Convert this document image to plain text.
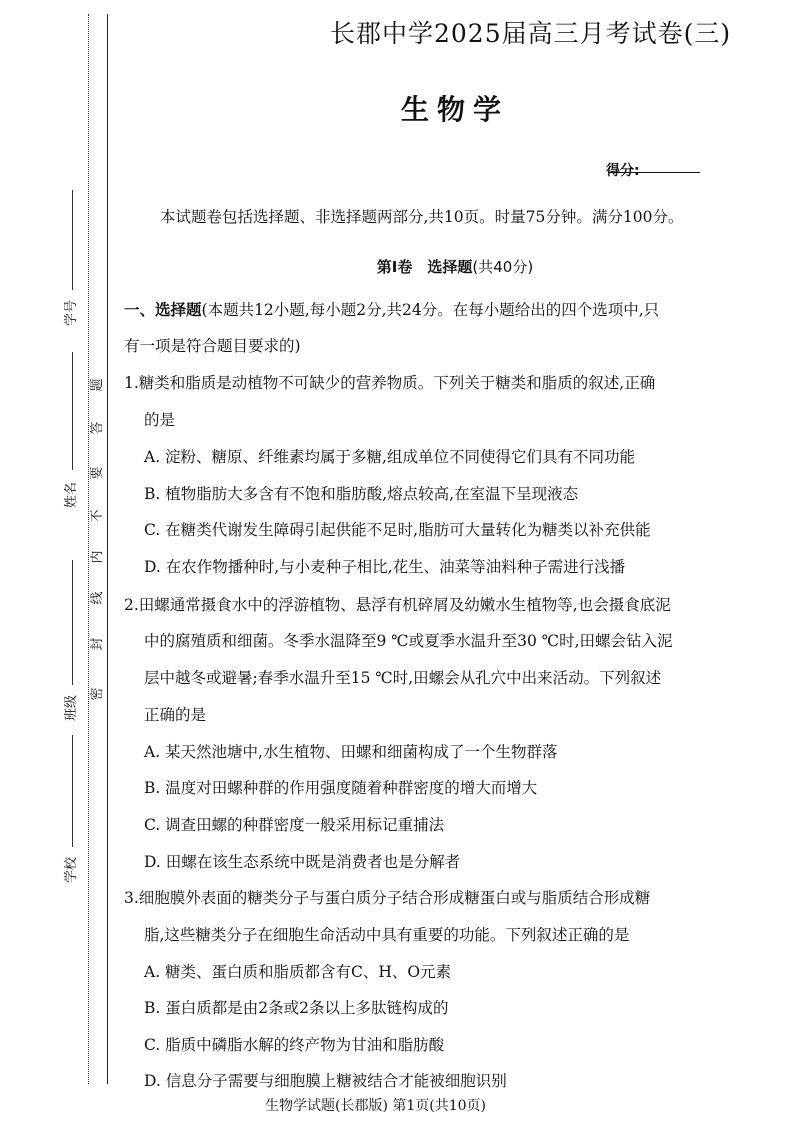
密
封
线
内
不
要
答
题
学号
姓名
班级
学校
长郡中学2025届高三月考试卷(三)
生物学
得分:
本试题卷包括选择题、非选择题两部分,共10页。时量75分钟。满分100分。
第Ⅰ卷　选择题(共40分)
一、选择题(本题共12小题,每小题2分,共24分。在每小题给出的四个选项中,只
有一项是符合题目要求的)
1.糖类和脂质是动植物不可缺少的营养物质。下列关于糖类和脂质的叙述,正确
的是
A. 淀粉、糖原、纤维素均属于多糖,组成单位不同使得它们具有不同功能
B. 植物脂肪大多含有不饱和脂肪酸,熔点较高,在室温下呈现液态
C. 在糖类代谢发生障碍引起供能不足时,脂肪可大量转化为糖类以补充供能
D. 在农作物播种时,与小麦种子相比,花生、油菜等油料种子需进行浅播
2.田螺通常摄食水中的浮游植物、悬浮有机碎屑及幼嫩水生植物等,也会摄食底泥
中的腐殖质和细菌。冬季水温降至9 ℃或夏季水温升至30 ℃时,田螺会钻入泥
层中越冬或避暑;春季水温升至15 ℃时,田螺会从孔穴中出来活动。下列叙述
正确的是
A. 某天然池塘中,水生植物、田螺和细菌构成了一个生物群落
B. 温度对田螺种群的作用强度随着种群密度的增大而增大
C. 调查田螺的种群密度一般采用标记重捕法
D. 田螺在该生态系统中既是消费者也是分解者
3.细胞膜外表面的糖类分子与蛋白质分子结合形成糖蛋白或与脂质结合形成糖
脂,这些糖类分子在细胞生命活动中具有重要的功能。下列叙述正确的是
A. 糖类、蛋白质和脂质都含有C、H、O元素
B. 蛋白质都是由2条或2条以上多肽链构成的
C. 脂质中磷脂水解的终产物为甘油和脂肪酸
D. 信息分子需要与细胞膜上糖被结合才能被细胞识别
生物学试题(长郡版) 第1页(共10页)
